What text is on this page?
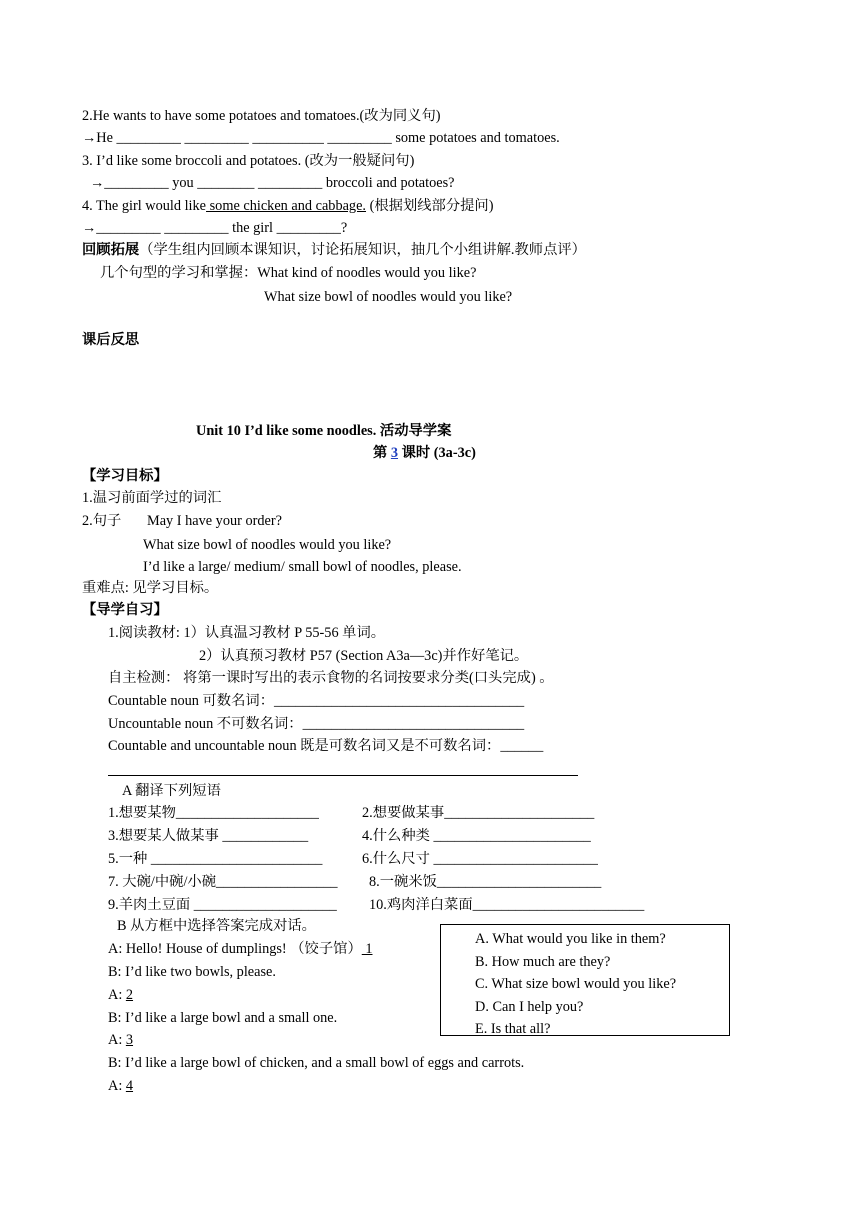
2.He wants to have some potatoes and tomatoes.(改为同义句)
→He _________ _________ __________ _________ some potatoes and tomatoes.
3. I’d like some broccoli and potatoes. (改为一般疑问句)
→_________ you ________ _________ broccoli and potatoes?
4. The girl would like some chicken and cabbage. (根据划线部分提问)
→_________ _________ the girl _________?
回顾拓展（学生组内回顾本课知识，讨论拓展知识，抽几个小组讲解.教师点评）
几个句型的学习和掌握：What kind of noodles would you like?
What size bowl of noodles would you like?
课后反思
Unit 10 I’d like some noodles. 活动导学案
第 3 课时 (3a-3c)
【学习目标】
1.温习前面学过的词汇
2.句子 May I have your order?
What size bowl of noodles would you like?
I’d like a large/ medium/ small bowl of noodles, please.
重难点: 见学习目标。
【导学自习】
1.阅读教材: 1）认真温习教材 P 55-56 单词。
2）认真预习教材 P57 (Section A3a—3c)并作好笔记。
自主检测： 将第一课时写出的表示食物的名词按要求分类(口头完成) 。
Countable noun 可数名词：___________________________________
Uncountable noun 不可数名词：_______________________________
Countable and uncountable noun 既是可数名词又是不可数名词：______
A 翻译下列短语
1.想要某物____________________	2.想要做某事_____________________
3.想要某人做某事 ____________	4.什么种类 ______________________
5.一种 ________________________	6.什么尺寸 _______________________
7. 大碗/中碗/小碗_________________ 8.一碗米饭_______________________
9.羊肉土豆面 ____________________ 10.鸡肉洋白菜面________________________
B 从方框中选择答案完成对话。
A: Hello! House of dumplings! （饺子馆） 1
B: I’d like two bowls, please.
A: 2
B: I’d like a large bowl and a small one.
A: 3
B: I’d like a large bowl of chicken, and a small bowl of eggs and carrots.
A: 4
A. What would you like in them?
B. How much are they?
C. What size bowl would you like?
D. Can I help you?
E. Is that all?
